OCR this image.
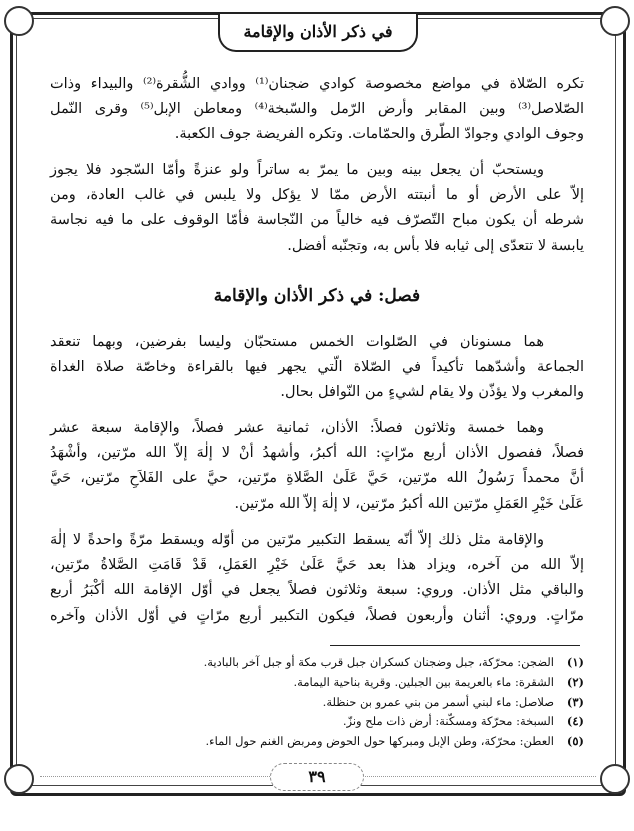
في ذكر الأذان والإقامة
تكره الصّلاة في مواضع مخصوصة كوادي ضجنان⁽¹⁾ ووادي الشُّقرة⁽²⁾ والبيداء وذات
الصّلاصل⁽³⁾ وبين المقابر وأرض الرّمل والسّبخة⁽⁴⁾ ومعاطن الإبل⁽⁵⁾ وقرى النّمل
وجوف الوادي وجوادّ الطّرق والحمّامات. وتكره الفريضة جوف الكعبة.
ويستحبّ أن يجعل بينه وبين ما يمرّ به ساتراً ولو عنزةً وأمّا السّجود فلا يجوز
إلاّ على الأرض أو ما أنبتته الأرض ممّا لا يؤكل ولا يلبس في غالب العادة، ومن
شرطه أن يكون مباح التّصرّف فيه خالياً من النّجاسة فأمّا الوقوف على ما فيه نجاسة
يابسة لا تتعدّى إلى ثيابه فلا بأس به، وتجنّبه أفضل.
فصل: في ذكر الأذان والإقامة
هما مسنونان في الصّلوات الخمس مستحبّان وليسا بفرضين، وبهما تنعقد
الجماعة وأشدّهما تأكيداً في الصّلاة الّتي يجهر فيها بالقراءة وخاصّة صلاة الغداة
والمغرب ولا يؤذّن ولا يقام لشيءٍ من النّوافل بحال.
وهما خمسة وثلاثون فصلاً: الأذان، ثمانية عشر فصلاً، والإقامة سبعة عشر
فصلاً، ففصول الأذان أربع مرّاتٍ: الله أكبرُ، وأشهدُ أنْ لا إلٰهَ إلاّ الله مرّتين، وأشْهَدُ
أنَّ محمداً رَسُولُ الله مرّتين، حَيَّ عَلَىٰ الصَّلاةِ مرّتين، حيَّ على الفَلاَحِ مرّتين، حَيَّ
عَلَىٰ خَيْرِ العَمَلِ مرّتين الله أكبرُ مرّتين، لا إلٰهَ إلاّ الله مرّتين.
والإقامة مثل ذلك إلاّ أنّه يسقط التكبير مرّتين من أوّله ويسقط مرّةً واحدةً لا إلٰهَ
إلاّ الله من آخره، ويزاد هذا بعد حَيَّ عَلَىٰ خَيْرِ العَمَلِ، قَدْ قَامَتِ الصَّلاةُ مرّتين،
والباقي مثل الأذان. وروي: سبعة وثلاثون فصلاً يجعل في أوّل الإقامة الله أكْبَرُ أربع
مرّاتٍ. وروي: أثنان وأربعون فصلاً، فيكون التكبير أربع مرّاتٍ في أوّل الأذان وآخره
(١)الضجن: محرّكة، جبل وضجنان كسكران جبل قرب مكة أو جبل آخر بالبادية.
(٢)الشقرة: ماء بالعريمة بين الجبلين. وقرية بناحية اليمامة.
(٣)صلاصل: ماء لبني أسمر من بني عمرو بن حنظلة.
(٤)السبخة: محرّكة ومسكّنة: أرض ذات ملح ونزّ.
(٥)العطن: محرّكة، وطن الإبل ومبركها حول الحوض ومربض الغنم حول الماء.
٣٩
